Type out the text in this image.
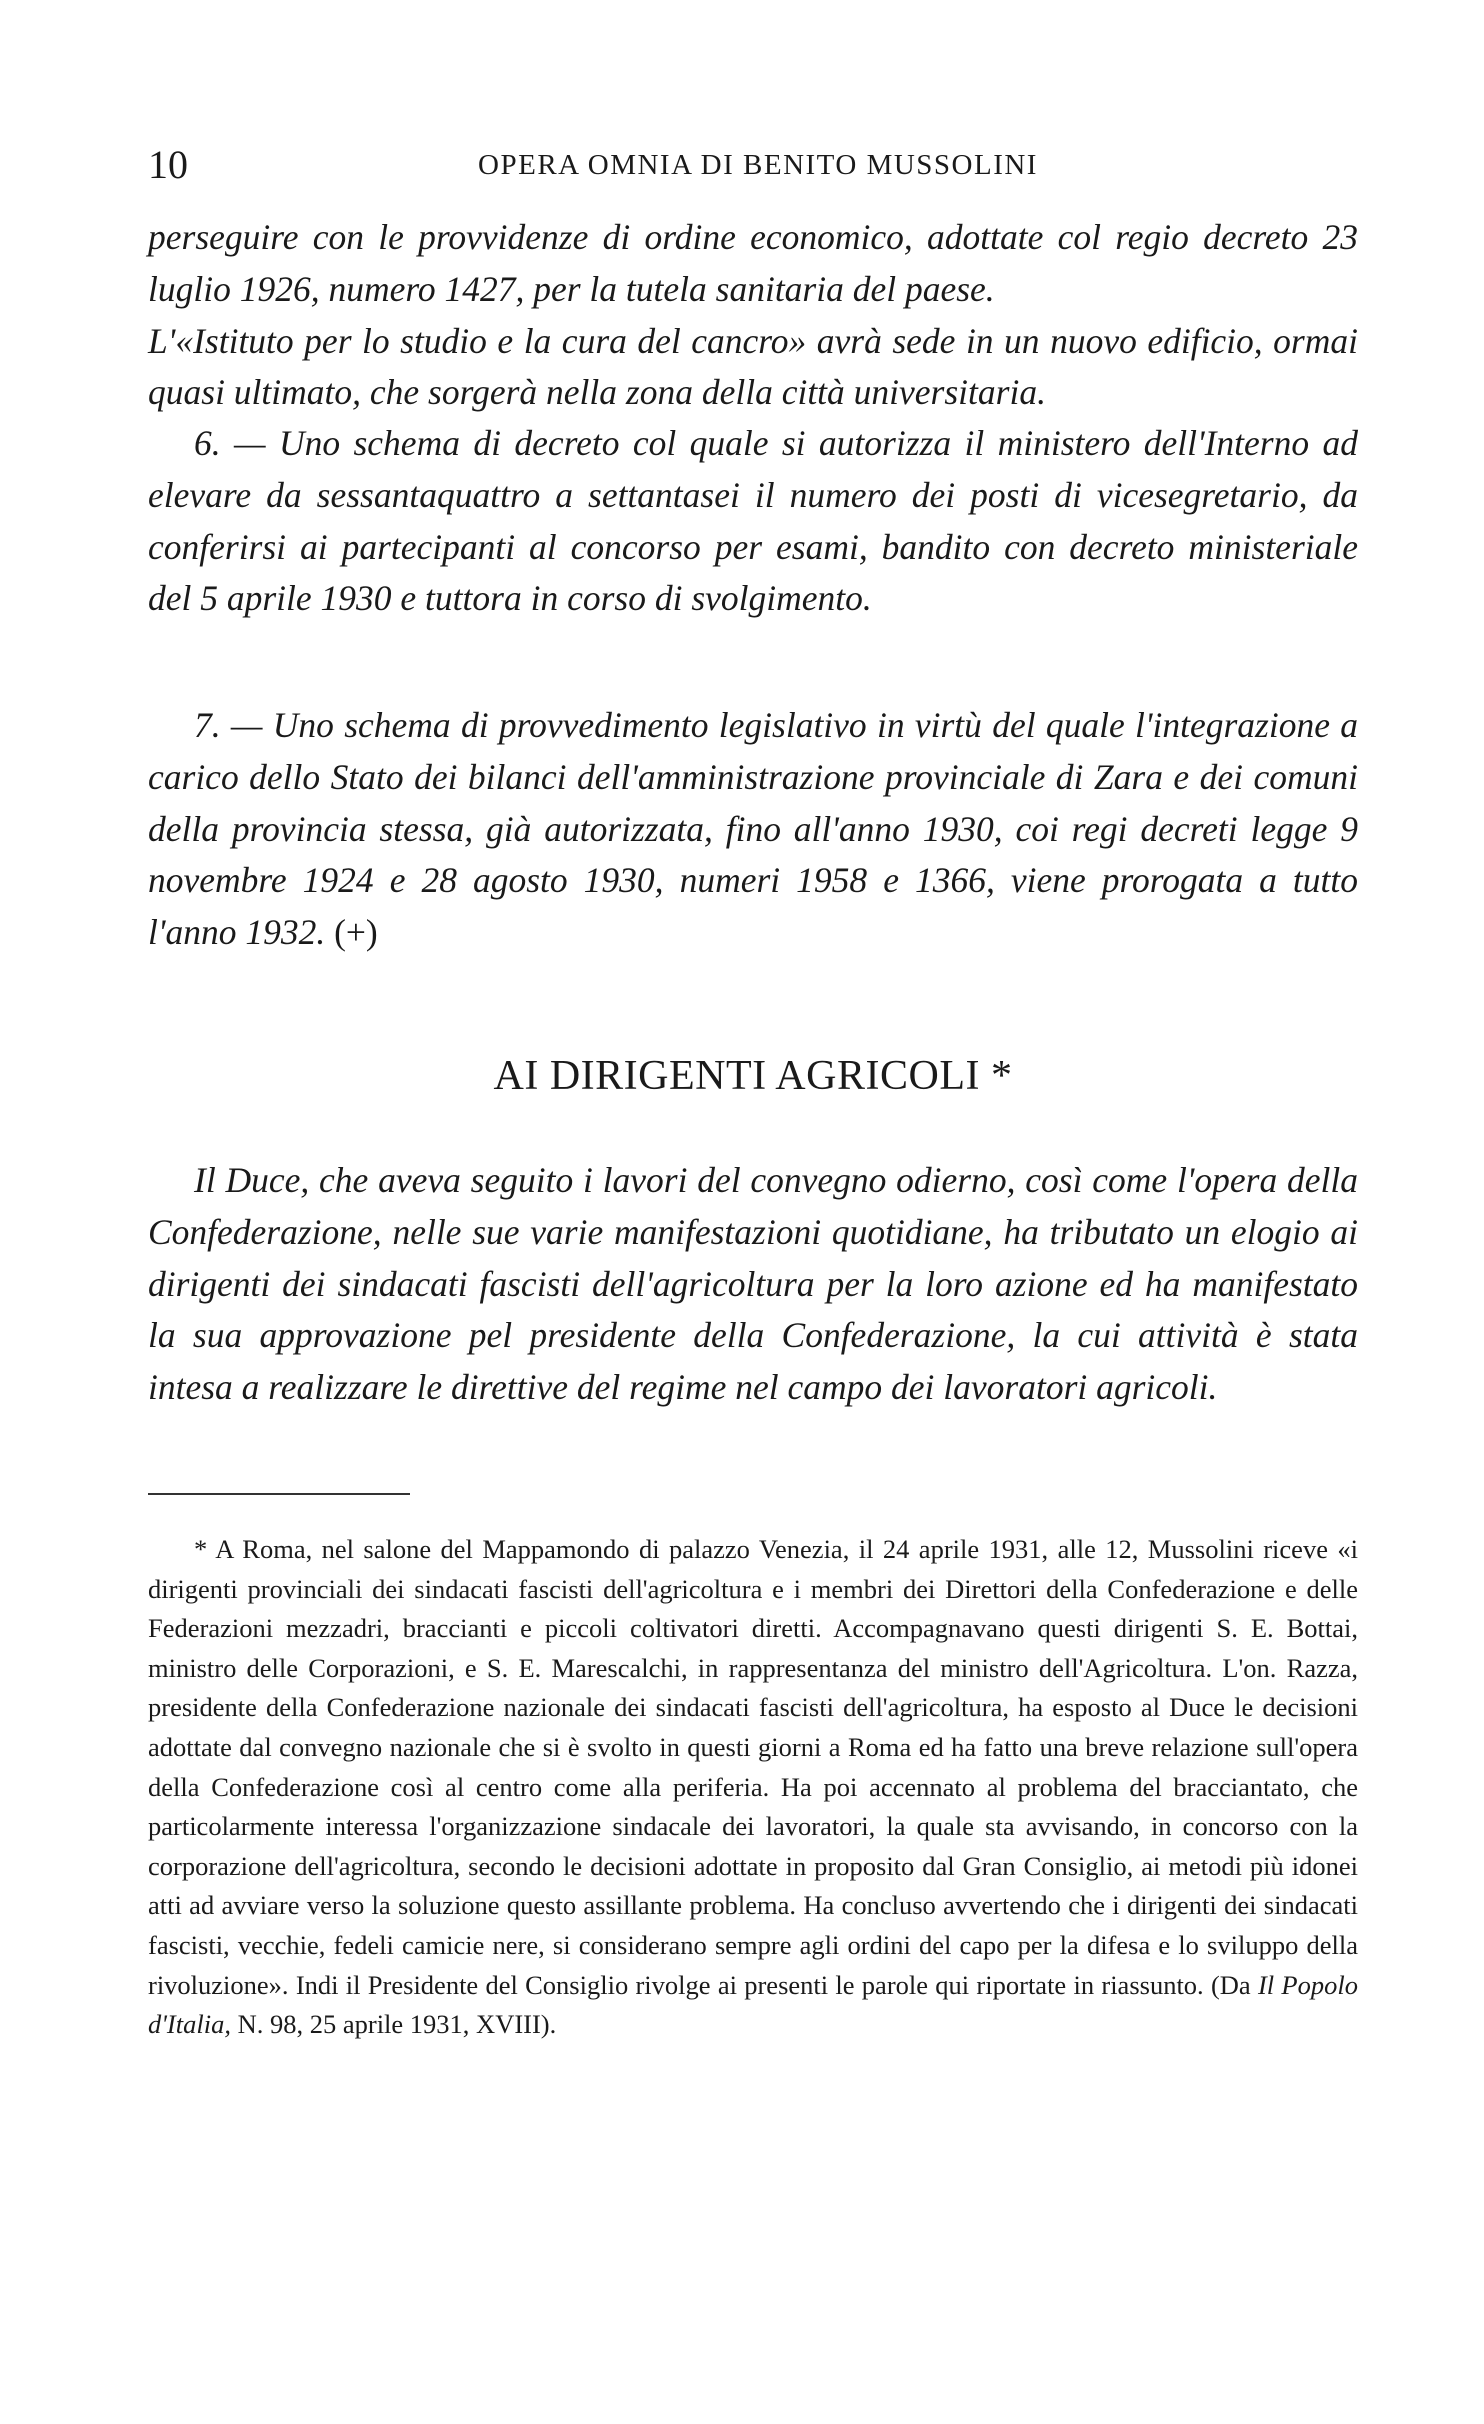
10	OPERA OMNIA DI BENITO MUSSOLINI

perseguire con le provvidenze di ordine economico, adottate col regio decreto 23 luglio 1926, numero 1427, per la tutela sanitaria del paese.

L'«Istituto per lo studio e la cura del cancro» avrà sede in un nuovo edificio, ormai quasi ultimato, che sorgerà nella zona della città universitaria.

6. — Uno schema di decreto col quale si autorizza il ministero dell'Interno ad elevare da sessantaquattro a settantasei il numero dei posti di vicesegretario, da conferirsi ai partecipanti al concorso per esami, bandito con decreto ministeriale del 5 aprile 1930 e tuttora in corso di svolgimento.

7. — Uno schema di provvedimento legislativo in virtù del quale l'integrazione a carico dello Stato dei bilanci dell'amministrazione provinciale di Zara e dei comuni della provincia stessa, già autorizzata, fino all'anno 1930, coi regi decreti legge 9 novembre 1924 e 28 agosto 1930, numeri 1958 e 1366, viene prorogata a tutto l'anno 1932. (+)

AI DIRIGENTI AGRICOLI *

Il Duce, che aveva seguito i lavori del convegno odierno, così come l'opera della Confederazione, nelle sue varie manifestazioni quotidiane, ha tributato un elogio ai dirigenti dei sindacati fascisti dell'agricoltura per la loro azione ed ha manifestato la sua approvazione pel presidente della Confederazione, la cui attività è stata intesa a realizzare le direttive del regime nel campo dei lavoratori agricoli.

* A Roma, nel salone del Mappamondo di palazzo Venezia, il 24 aprile 1931, alle 12, Mussolini riceve «i dirigenti provinciali dei sindacati fascisti dell'agricoltura e i membri dei Direttori della Confederazione e delle Federazioni mezzadri, braccianti e piccoli coltivatori diretti. Accompagnavano questi dirigenti S. E. Bottai, ministro delle Corporazioni, e S. E. Marescalchi, in rappresentanza del ministro dell'Agricoltura. L'on. Razza, presidente della Confederazione nazionale dei sindacati fascisti dell'agricoltura, ha esposto al Duce le decisioni adottate dal convegno nazionale che si è svolto in questi giorni a Roma ed ha fatto una breve relazione sull'opera della Confederazione così al centro come alla periferia. Ha poi accennato al problema del bracciantato, che particolarmente interessa l'organizzazione sindacale dei lavoratori, la quale sta avvisando, in concorso con la corporazione dell'agricoltura, secondo le decisioni adottate in proposito dal Gran Consiglio, ai metodi più idonei atti ad avviare verso la soluzione questo assillante problema. Ha concluso avvertendo che i dirigenti dei sindacati fascisti, vecchie, fedeli camicie nere, si considerano sempre agli ordini del capo per la difesa e lo sviluppo della rivoluzione». Indi il Presidente del Consiglio rivolge ai presenti le parole qui riportate in riassunto. (Da Il Popolo d'Italia, N. 98, 25 aprile 1931, XVIII).
